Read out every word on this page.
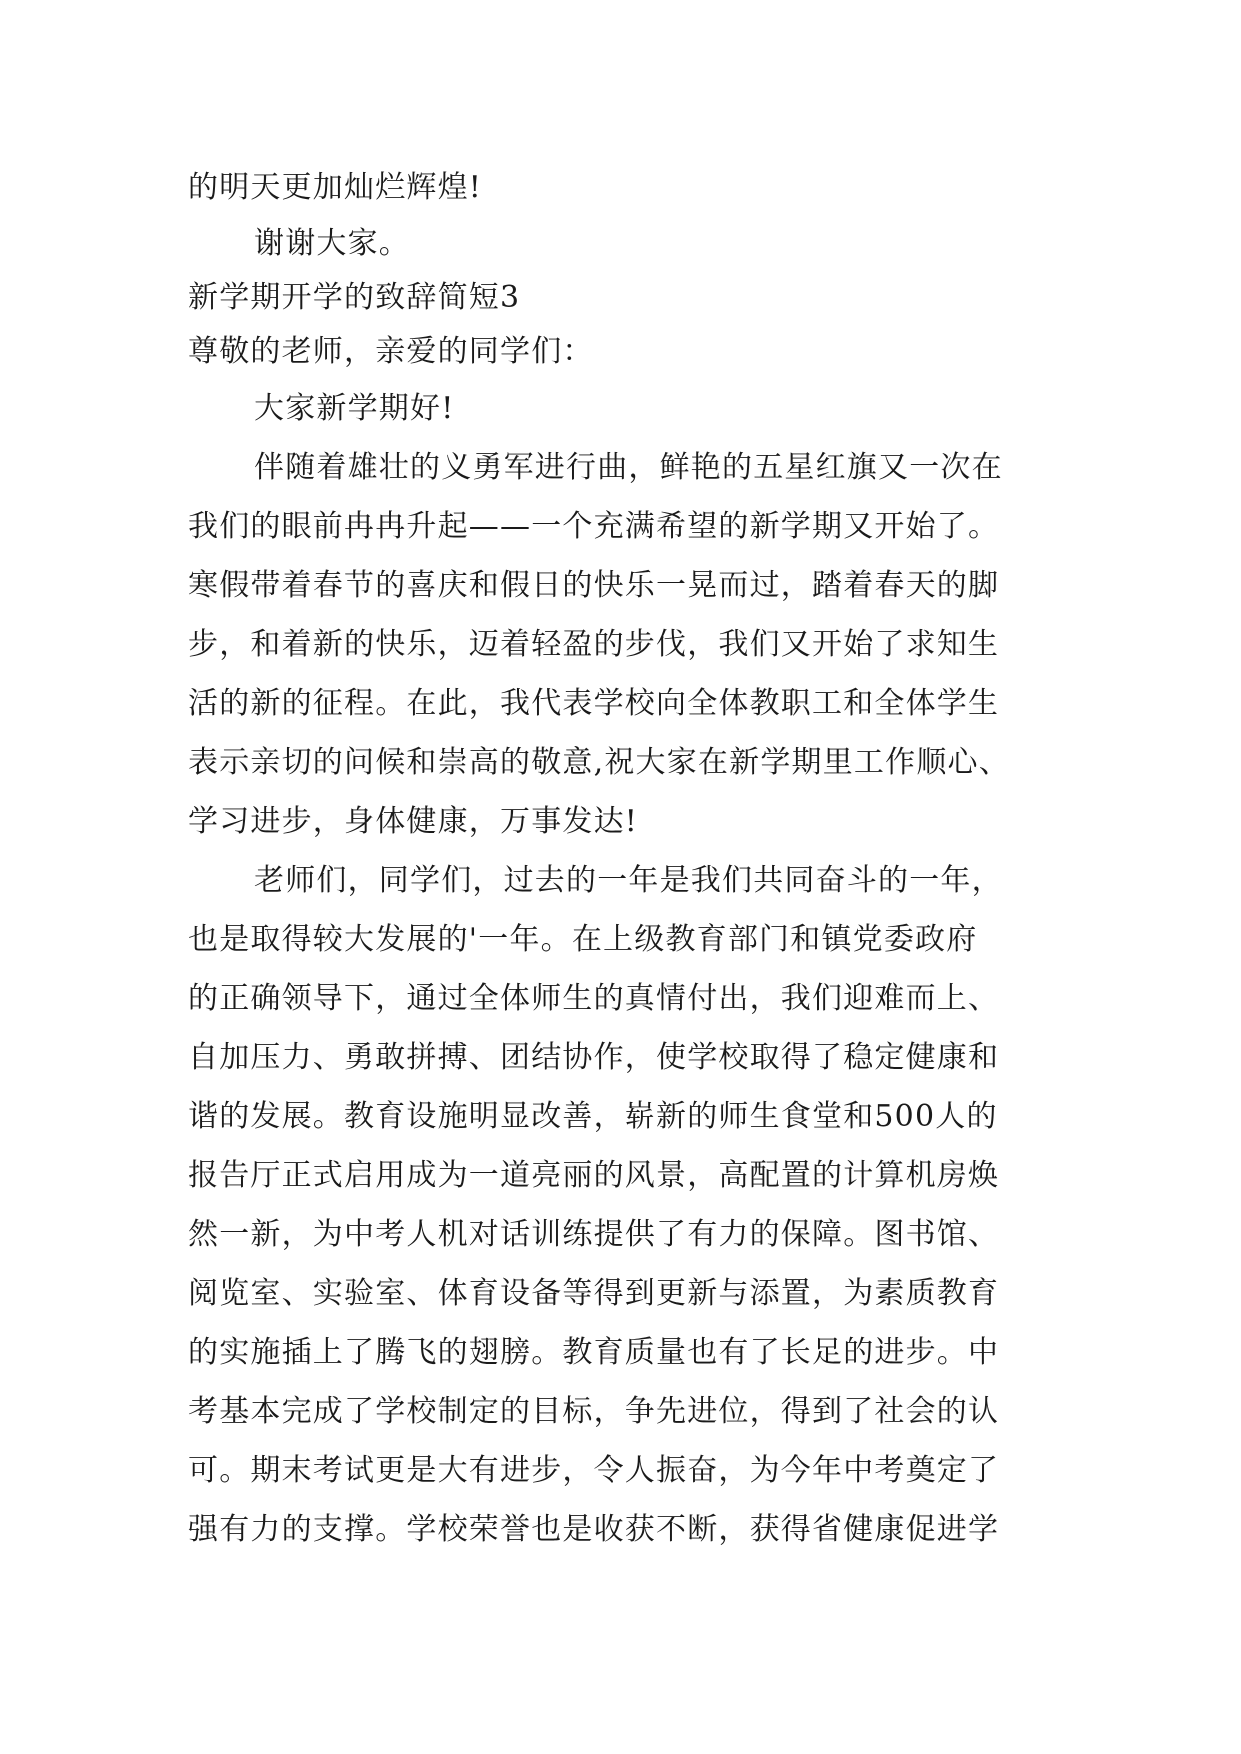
的明天更加灿烂辉煌!
谢谢大家。
新学期开学的致辞简短3
尊敬的老师，亲爱的同学们：
大家新学期好!
伴随着雄壮的义勇军进行曲，鲜艳的五星红旗又一次在
我们的眼前冉冉升起——一个充满希望的新学期又开始了。
寒假带着春节的喜庆和假日的快乐一晃而过，踏着春天的脚
步，和着新的快乐，迈着轻盈的步伐，我们又开始了求知生
活的新的征程。在此，我代表学校向全体教职工和全体学生
表示亲切的问候和崇高的敬意,祝大家在新学期里工作顺心、
学习进步，身体健康，万事发达!
老师们，同学们，过去的一年是我们共同奋斗的一年，
也是取得较大发展的'一年。在上级教育部门和镇党委政府
的正确领导下，通过全体师生的真情付出，我们迎难而上、
自加压力、勇敢拼搏、团结协作，使学校取得了稳定健康和
谐的发展。教育设施明显改善，崭新的师生食堂和500人的
报告厅正式启用成为一道亮丽的风景，高配置的计算机房焕
然一新，为中考人机对话训练提供了有力的保障。图书馆、
阅览室、实验室、体育设备等得到更新与添置，为素质教育
的实施插上了腾飞的翅膀。教育质量也有了长足的进步。中
考基本完成了学校制定的目标，争先进位，得到了社会的认
可。期末考试更是大有进步，令人振奋，为今年中考奠定了
强有力的支撑。学校荣誉也是收获不断，获得省健康促进学
